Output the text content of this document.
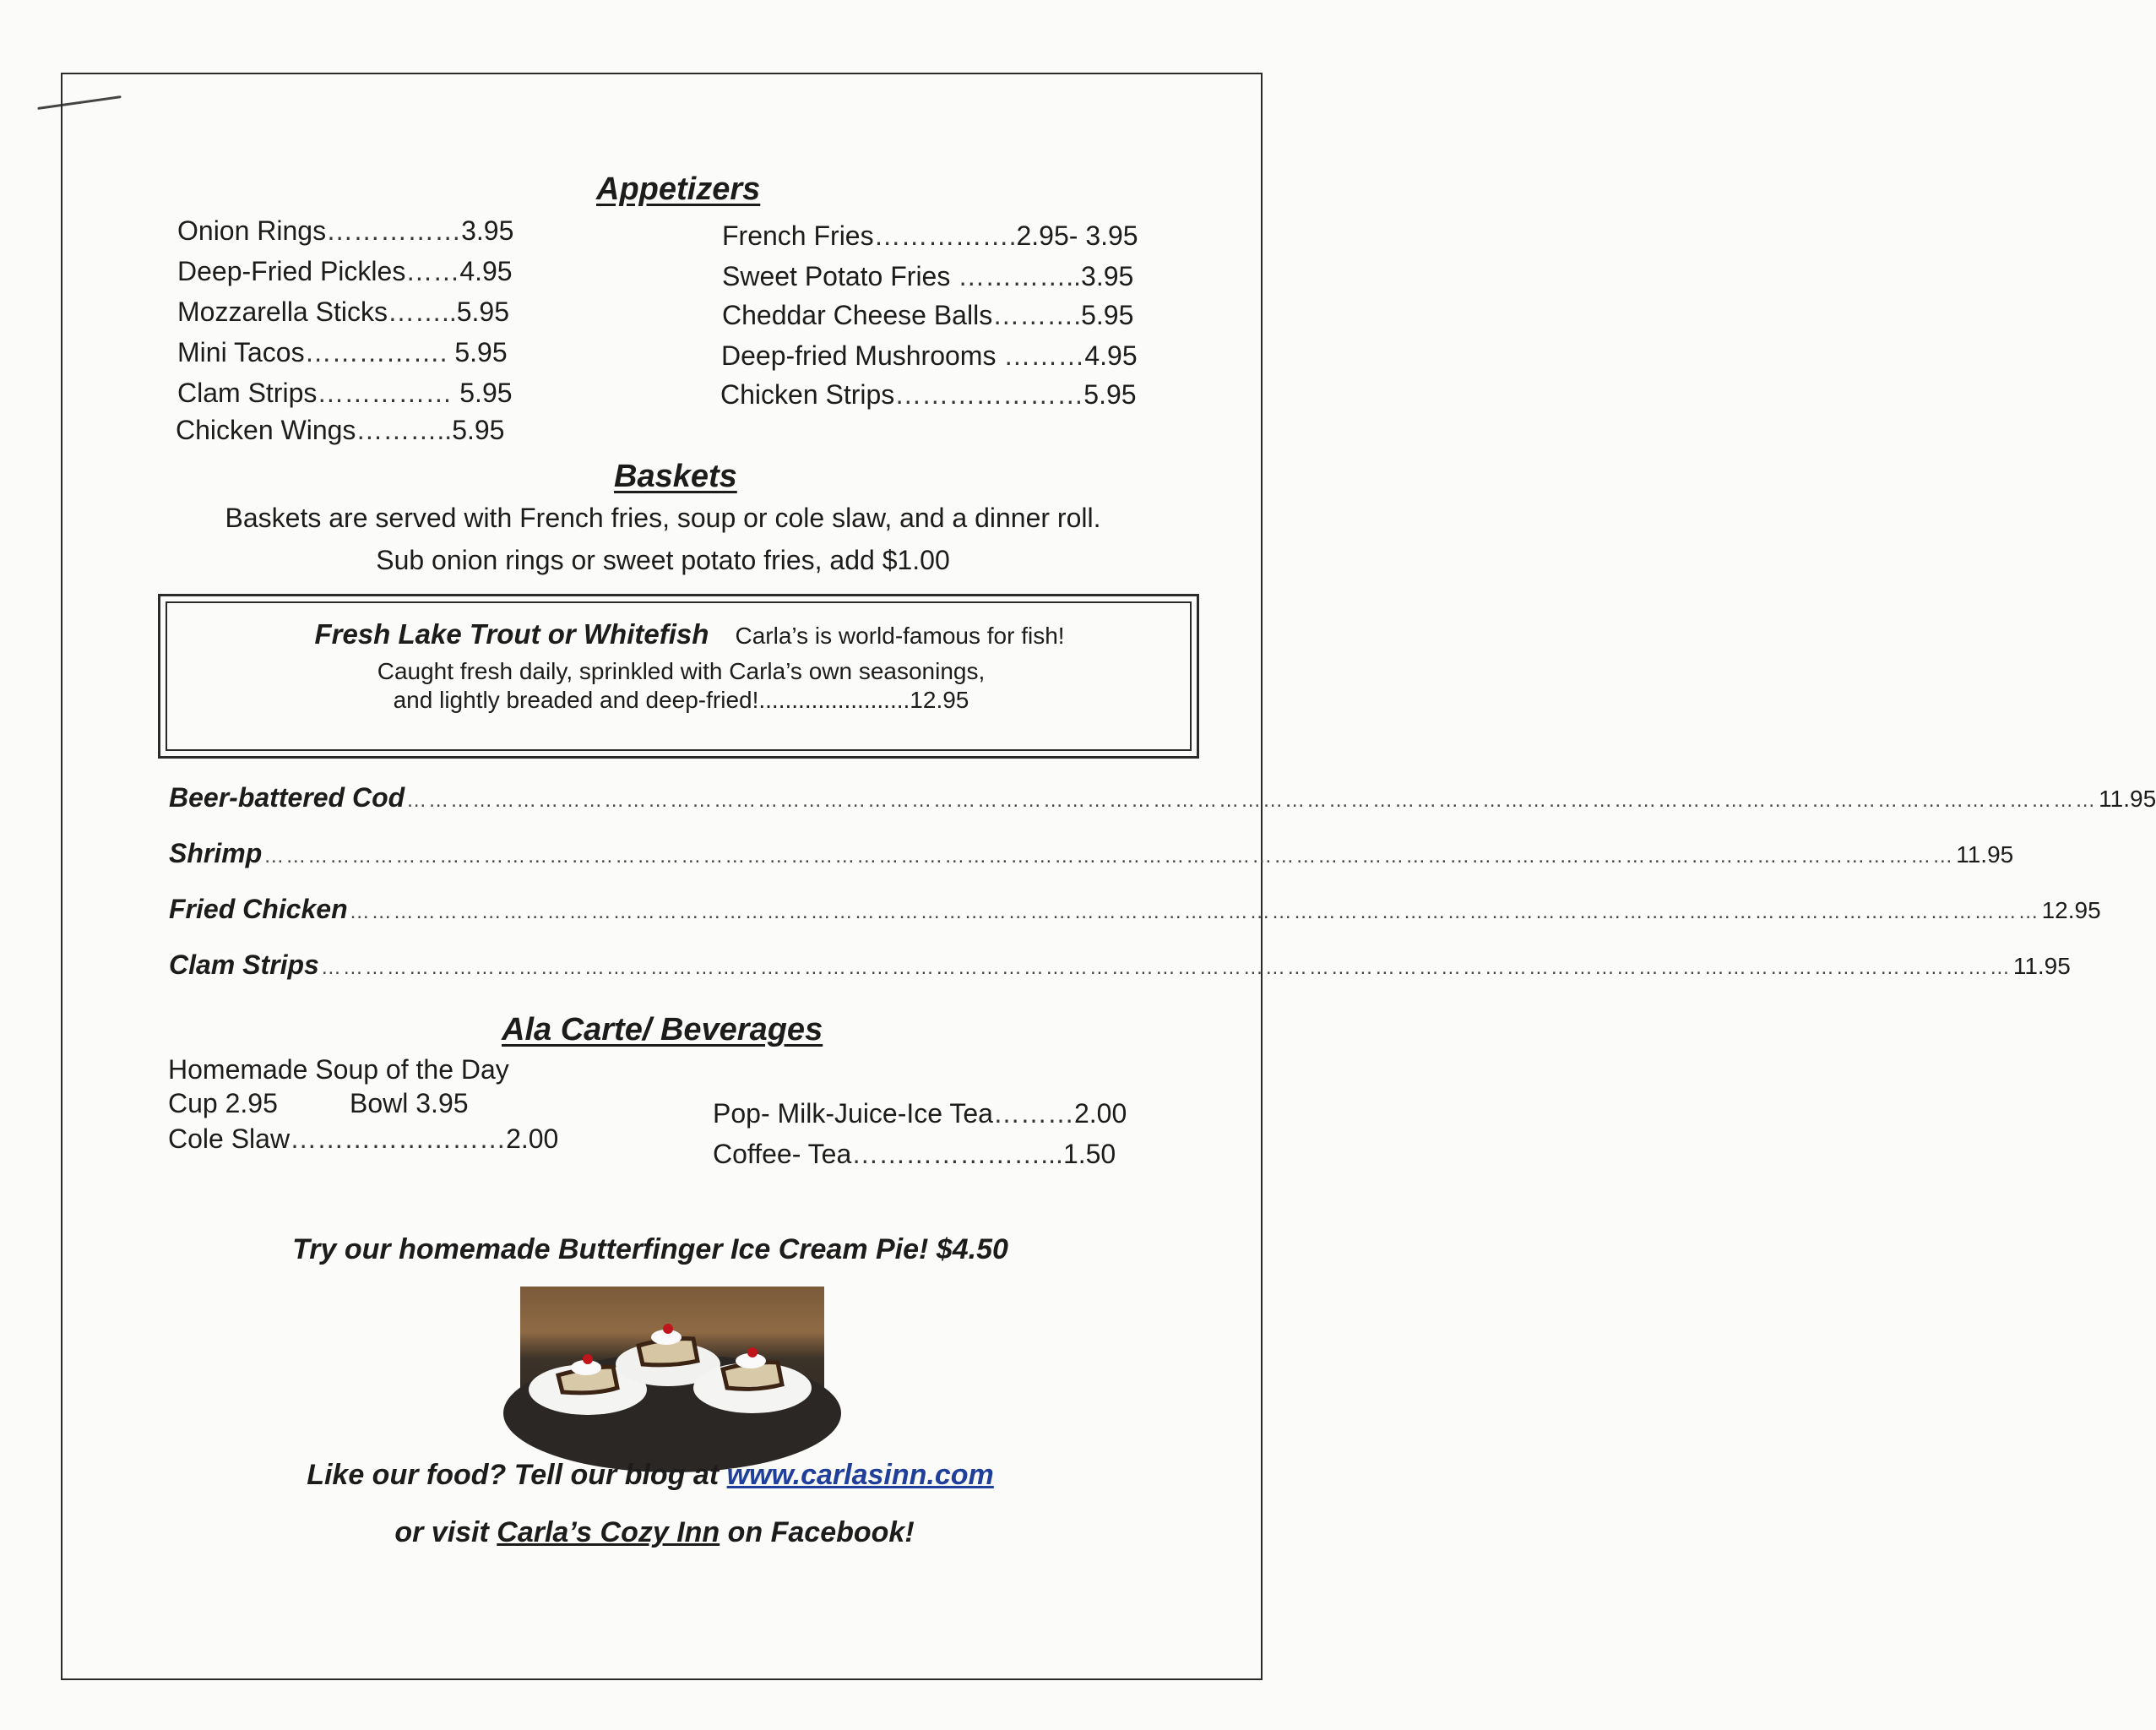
Appetizers
Onion Rings……………3.95
Deep-Fried Pickles……4.95
Mozzarella Sticks……..5.95
Mini Tacos……………. 5.95
Clam Strips…………… 5.95
Chicken Wings………..5.95
French Fries…………….2.95- 3.95
Sweet Potato Fries …………..3.95
Cheddar Cheese Balls……….5.95
Deep-fried Mushrooms ………4.95
Chicken Strips…………………5.95
Baskets

Baskets are served with French fries, soup or cole slaw, and a dinner roll.

Sub onion rings or sweet potato fries, add $1.00

Fresh Lake Trout or Whitefish Carla’s is world-famous for fish!
Caught fresh daily, sprinkled with Carla’s own seasonings,
and lightly breaded and deep-fried!.......................12.95
Beer-battered Cod …………………………………………………………………………………………………………………………………………………………………………………………………………… 11.95
Shrimp …………………………………………………………………………………………………………………………………………………………………………………………………………… 11.95
Fried Chicken …………………………………………………………………………………………………………………………………………………………………………………………………………… 12.95
Clam Strips …………………………………………………………………………………………………………………………………………………………………………………………………………… 11.95
Ala Carte/ Beverages
Homemade Soup of the Day
Cup 2.95	Bowl 3.95
Cole Slaw……………………2.00
Pop- Milk-Juice-Ice Tea………2.00
Coffee- Tea…………………...1.50
Try our homemade Butterfinger Ice Cream Pie! $4.50
Like our food? Tell our blog at www.carlasinn.com
or visit Carla’s Cozy Inn on Facebook!
